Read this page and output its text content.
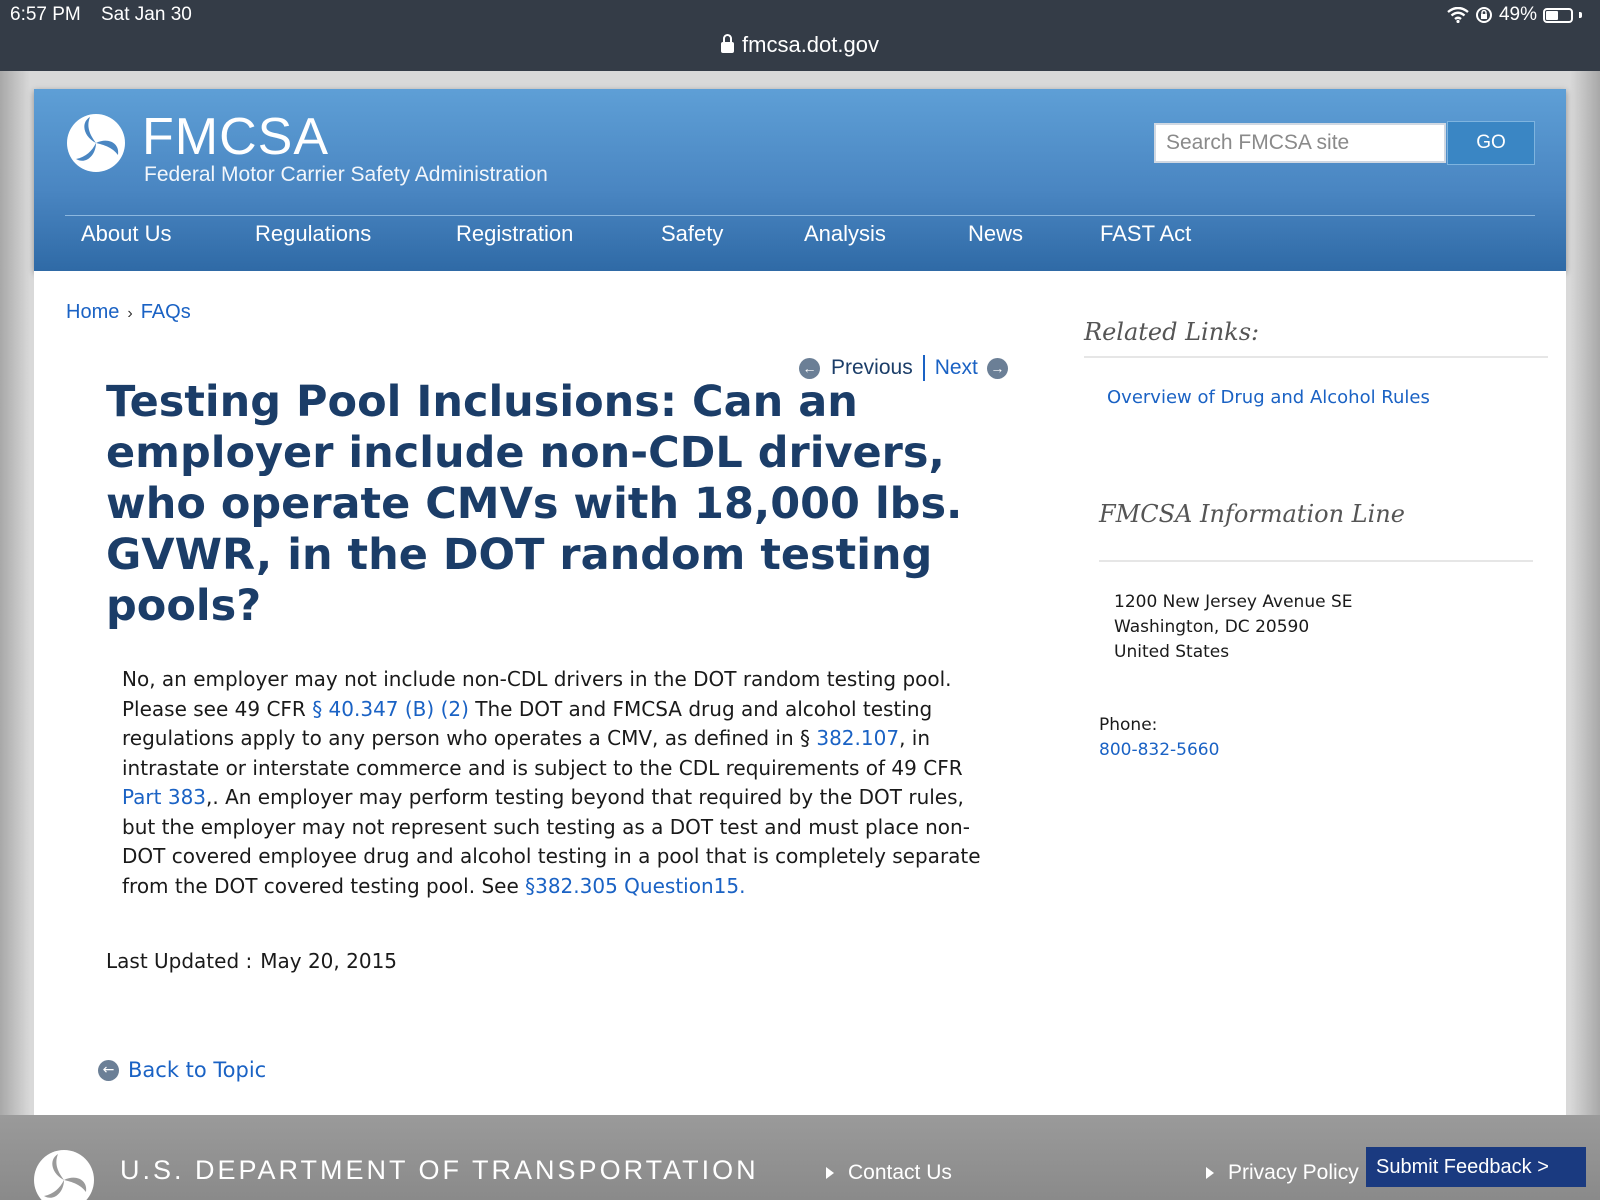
6:57 PM Sat Jan 30	49%
fmcsa.dot.gov
FMCSA
Federal Motor Carrier Safety Administration
Search FMCSA site
GO
About Us	Regulations	Registration	Safety	Analysis	News	FAST Act
Home › FAQs
← Previous Next →
Testing Pool Inclusions: Can an employer include non-CDL drivers, who operate CMVs with 18,000 lbs. GVWR, in the DOT random testing pools?

No, an employer may not include non-CDL drivers in the DOT random testing pool. Please see 49 CFR § 40.347 (B) (2) The DOT and FMCSA drug and alcohol testing regulations apply to any person who operates a CMV, as defined in § 382.107, in intrastate or interstate commerce and is subject to the CDL requirements of 49 CFR Part 383,. An employer may perform testing beyond that required by the DOT rules, but the employer may not represent such testing as a DOT test and must place non-DOT covered employee drug and alcohol testing in a pool that is completely separate from the DOT covered testing pool. See §382.305 Question15.

Last Updated : May 20, 2015
← Back to Topic
Related Links:
Overview of Drug and Alcohol Rules
FMCSA Information Line
1200 New Jersey Avenue SE
Washington, DC 20590
United States
Phone:
800-832-5660
U.S. DEPARTMENT OF TRANSPORTATION	Contact Us	Privacy Policy Submit Feedback >
